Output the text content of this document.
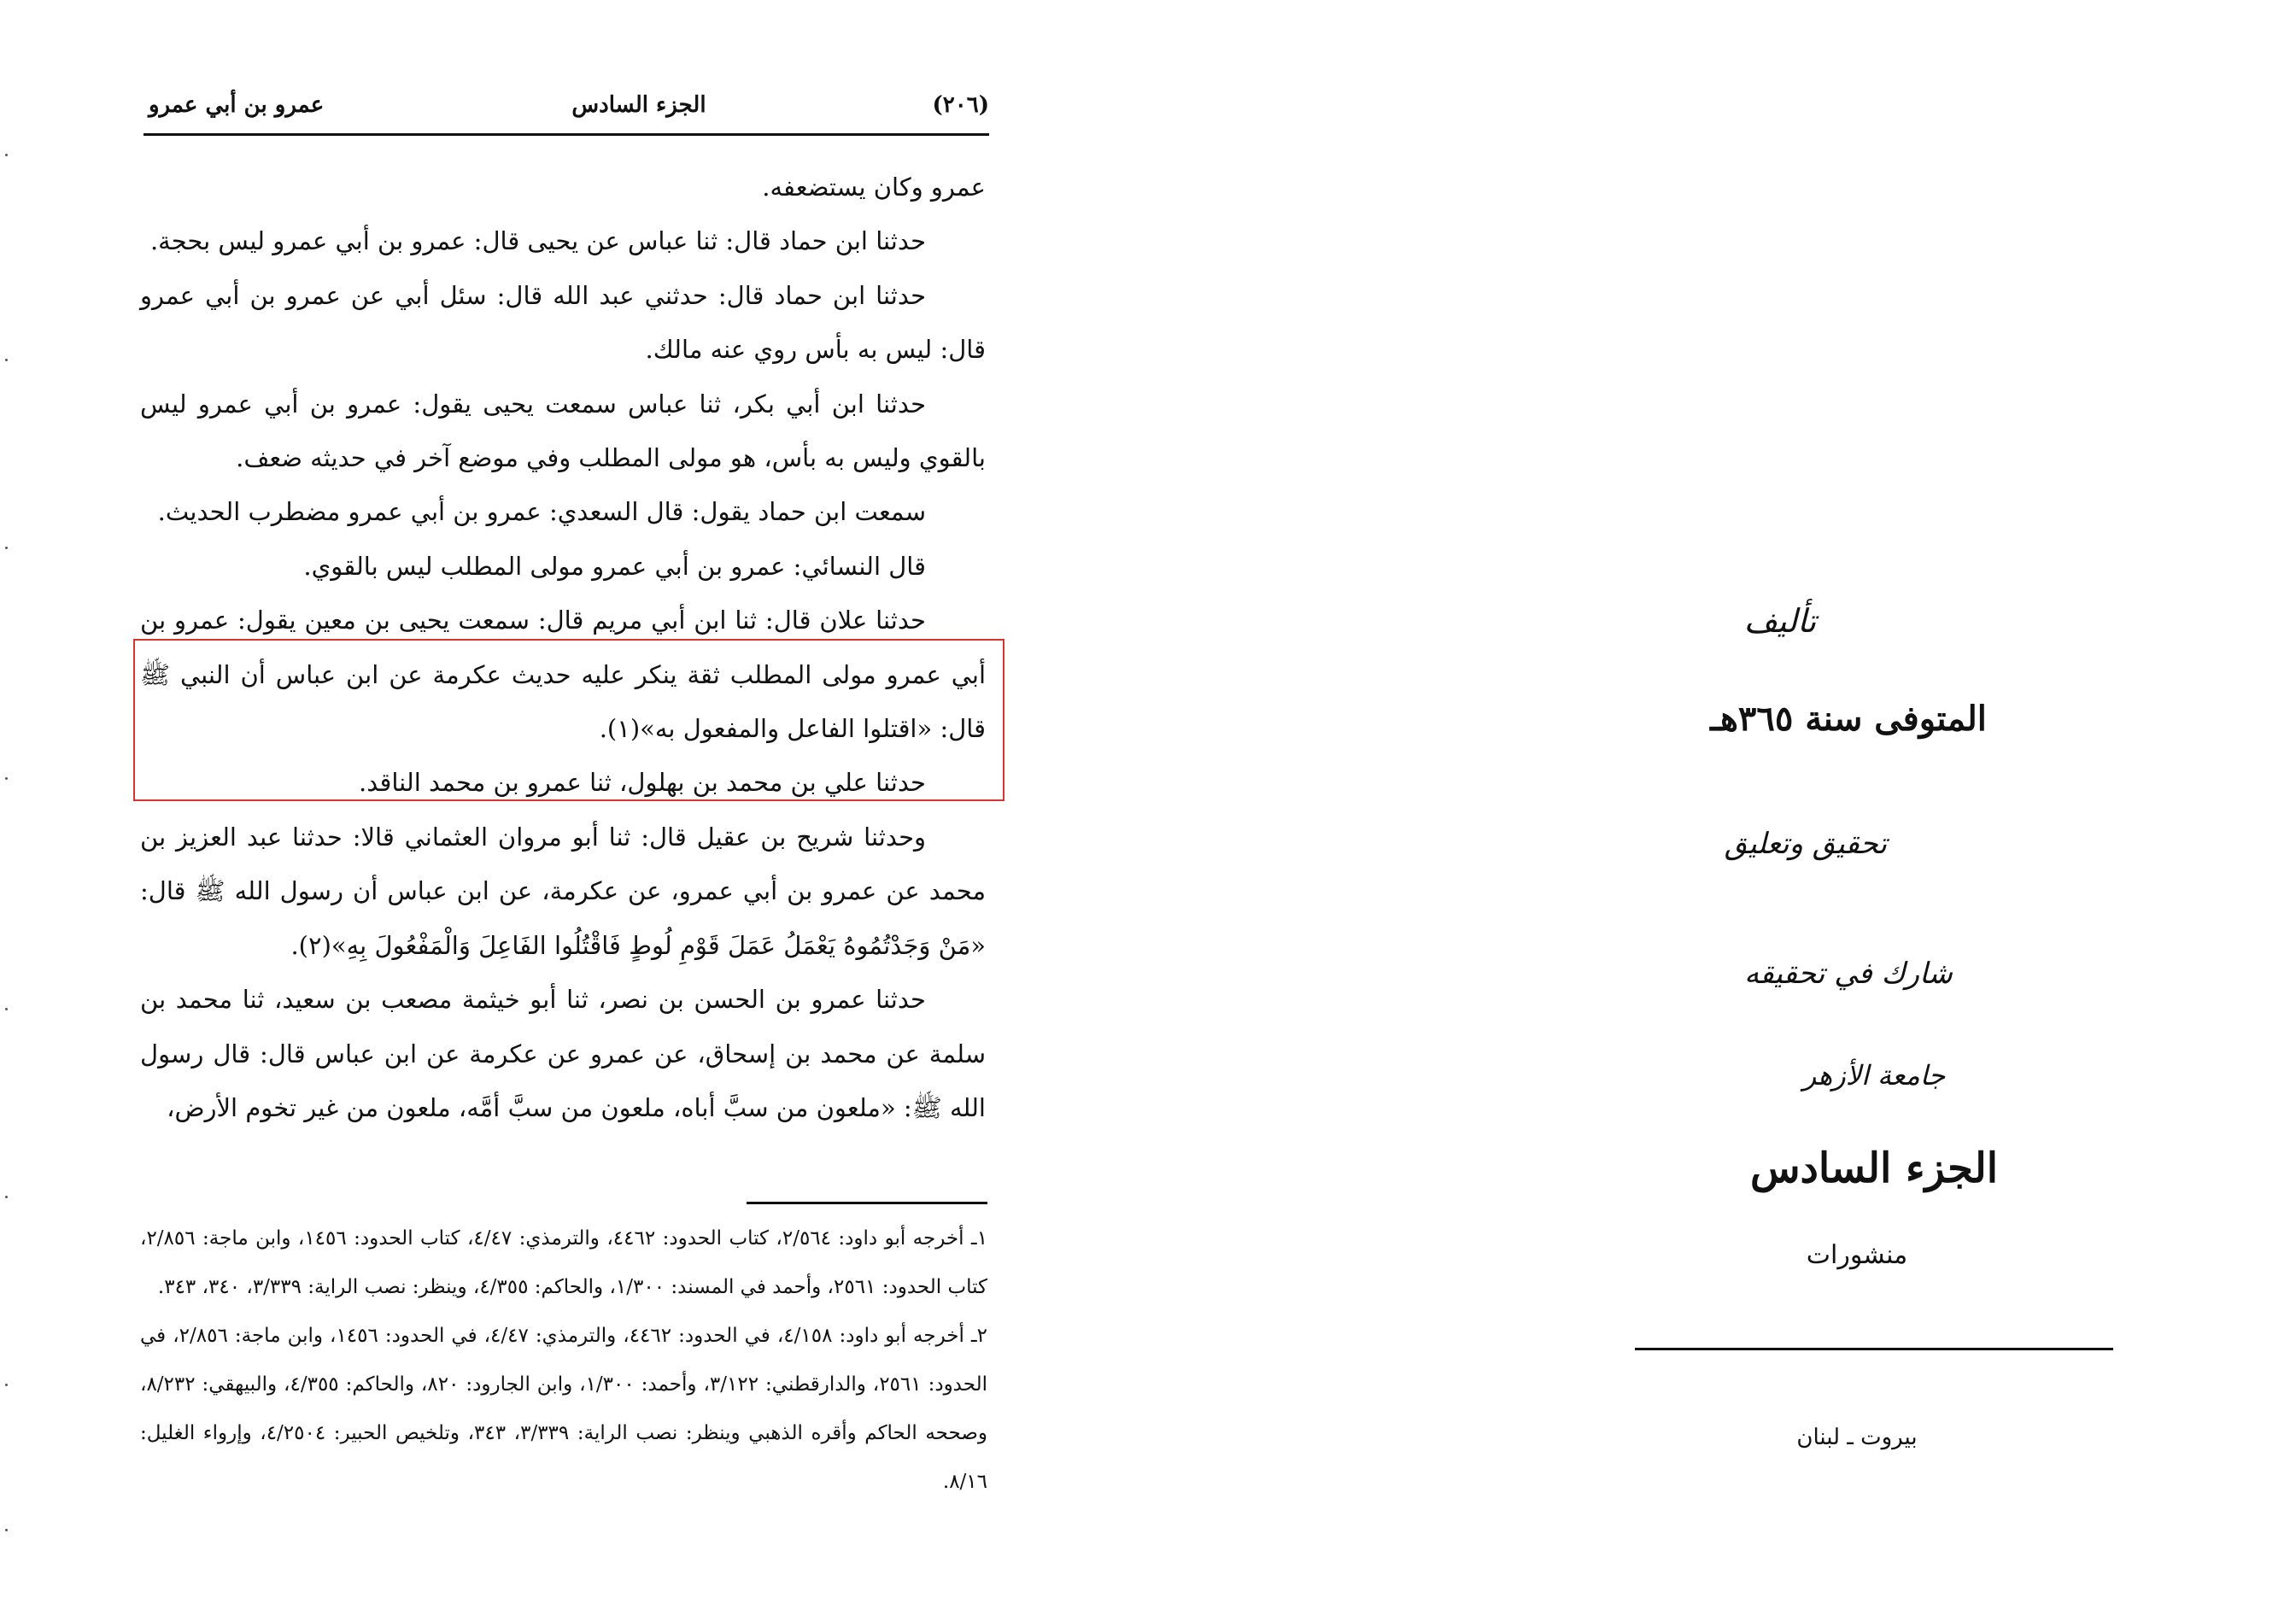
(٢٠٦)
الجزء السادس
عمرو بن أبي عمرو

عمرو وكان يستضعفه.

حدثنا ابن حماد قال: ثنا عباس عن يحيى قال: عمرو بن أبي عمرو ليس بحجة.

حدثنا ابن حماد قال: حدثني عبد الله قال: سئل أبي عن عمرو بن أبي عمرو قال: ليس به بأس روي عنه مالك.

حدثنا ابن أبي بكر، ثنا عباس سمعت يحيى يقول: عمرو بن أبي عمرو ليس بالقوي وليس به بأس، هو مولى المطلب وفي موضع آخر في حديثه ضعف.

سمعت ابن حماد يقول: قال السعدي: عمرو بن أبي عمرو مضطرب الحديث.

قال النسائي: عمرو بن أبي عمرو مولى المطلب ليس بالقوي.

حدثنا علان قال: ثنا ابن أبي مريم قال: سمعت يحيى بن معين يقول: عمرو بن أبي عمرو مولى المطلب ثقة ينكر عليه حديث عكرمة عن ابن عباس أن النبي ﷺ قال: «اقتلوا الفاعل والمفعول به»(١).

حدثنا علي بن محمد بن بهلول، ثنا عمرو بن محمد الناقد.

وحدثنا شريح بن عقيل قال: ثنا أبو مروان العثماني قالا: حدثنا عبد العزيز بن محمد عن عمرو بن أبي عمرو، عن عكرمة، عن ابن عباس أن رسول الله ﷺ قال: «مَنْ وَجَدْتُمُوهُ يَعْمَلُ عَمَلَ قَوْمِ لُوطٍ فَاقْتُلُوا الفَاعِلَ وَالْمَفْعُولَ بِهِ»(٢).

حدثنا عمرو بن الحسن بن نصر، ثنا أبو خيثمة مصعب بن سعيد، ثنا محمد بن سلمة عن محمد بن إسحاق، عن عمرو عن عكرمة عن ابن عباس قال: قال رسول الله ﷺ: «ملعون من سبَّ أباه، ملعون من سبَّ أمَّه، ملعون من غير تخوم الأرض،

١ـ أخرجه أبو داود: ٢/٥٦٤، كتاب الحدود: ٤٤٦٢، والترمذي: ٤/٤٧، كتاب الحدود: ١٤٥٦، وابن ماجة: ٢/٨٥٦، كتاب الحدود: ٢٥٦١، وأحمد في المسند: ١/٣٠٠، والحاكم: ٤/٣٥٥، وينظر: نصب الراية: ٣/٣٣٩، ٣٤٠، ٣٤٣.

٢ـ أخرجه أبو داود: ٤/١٥٨، في الحدود: ٤٤٦٢، والترمذي: ٤/٤٧، في الحدود: ١٤٥٦، وابن ماجة: ٢/٨٥٦، في الحدود: ٢٥٦١، والدارقطني: ٣/١٢٢، وأحمد: ١/٣٠٠، وابن الجارود: ٨٢٠، والحاكم: ٤/٣٥٥، والبيهقي: ٨/٢٣٢، وصححه الحاكم وأقره الذهبي وينظر: نصب الراية: ٣/٣٣٩، ٣٤٣، وتلخيص الحبير: ٤/٢٥٠٤، وإرواء الغليل: ٨/١٦.

تأليف
المتوفى سنة ٣٦٥هـ
تحقيق وتعليق
شارك في تحقيقه
جامعة الأزهر
الجزء السادس
منشورات
بيروت ـ لبنان
